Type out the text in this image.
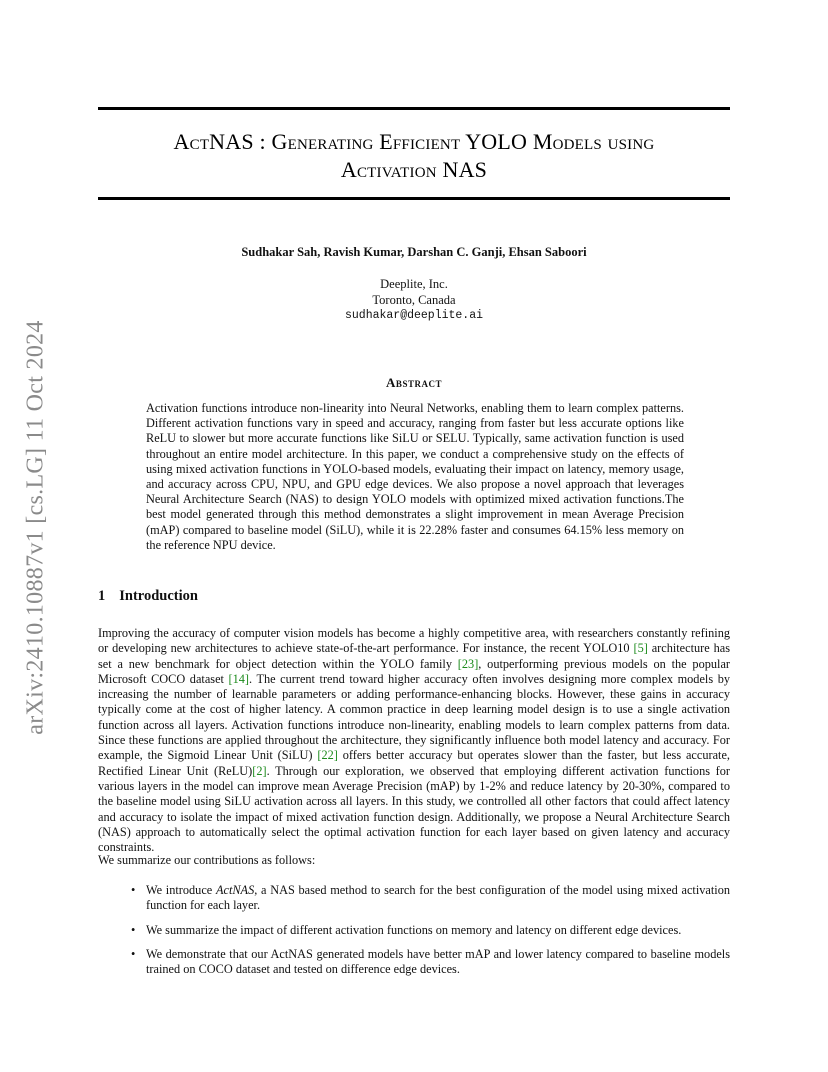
arXiv:2410.10887v1 [cs.LG] 11 Oct 2024
ActNAS : Generating Efficient YOLO Models using
Activation NAS
Sudhakar Sah, Ravish Kumar, Darshan C. Ganji, Ehsan Saboori
Deeplite, Inc.
Toronto, Canada
sudhakar@deeplite.ai
Abstract
Activation functions introduce non-linearity into Neural Networks, enabling them to learn complex patterns. Different activation functions vary in speed and accuracy, ranging from faster but less accurate options like ReLU to slower but more accurate functions like SiLU or SELU. Typically, same activation function is used throughout an entire model architecture. In this paper, we conduct a comprehensive study on the effects of using mixed activation functions in YOLO-based models, evaluating their impact on latency, memory usage, and accuracy across CPU, NPU, and GPU edge devices. We also propose a novel approach that leverages Neural Architecture Search (NAS) to design YOLO models with optimized mixed activation functions.The best model generated through this method demonstrates a slight improvement in mean Average Precision (mAP) compared to baseline model (SiLU), while it is 22.28% faster and consumes 64.15% less memory on the reference NPU device.
1 Introduction
Improving the accuracy of computer vision models has become a highly competitive area, with researchers constantly refining or developing new architectures to achieve state-of-the-art performance. For instance, the recent YOLO10 [5] architecture has set a new benchmark for object detection within the YOLO family [23], outperforming previous models on the popular Microsoft COCO dataset [14]. The current trend toward higher accuracy often involves designing more complex models by increasing the number of learnable parameters or adding performance-enhancing blocks. However, these gains in accuracy typically come at the cost of higher latency. A common practice in deep learning model design is to use a single activation function across all layers. Activation functions introduce non-linearity, enabling models to learn complex patterns from data. Since these functions are applied throughout the architecture, they significantly influence both model latency and accuracy. For example, the Sigmoid Linear Unit (SiLU) [22] offers better accuracy but operates slower than the faster, but less accurate, Rectified Linear Unit (ReLU)[2]. Through our exploration, we observed that employing different activation functions for various layers in the model can improve mean Average Precision (mAP) by 1-2% and reduce latency by 20-30%, compared to the baseline model using SiLU activation across all layers. In this study, we controlled all other factors that could affect latency and accuracy to isolate the impact of mixed activation function design. Additionally, we propose a Neural Architecture Search (NAS) approach to automatically select the optimal activation function for each layer based on given latency and accuracy constraints.
We summarize our contributions as follows:
• We introduce ActNAS, a NAS based method to search for the best configuration of the model using mixed activation function for each layer.
• We summarize the impact of different activation functions on memory and latency on different edge devices.
• We demonstrate that our ActNAS generated models have better mAP and lower latency compared to baseline models trained on COCO dataset and tested on difference edge devices.
